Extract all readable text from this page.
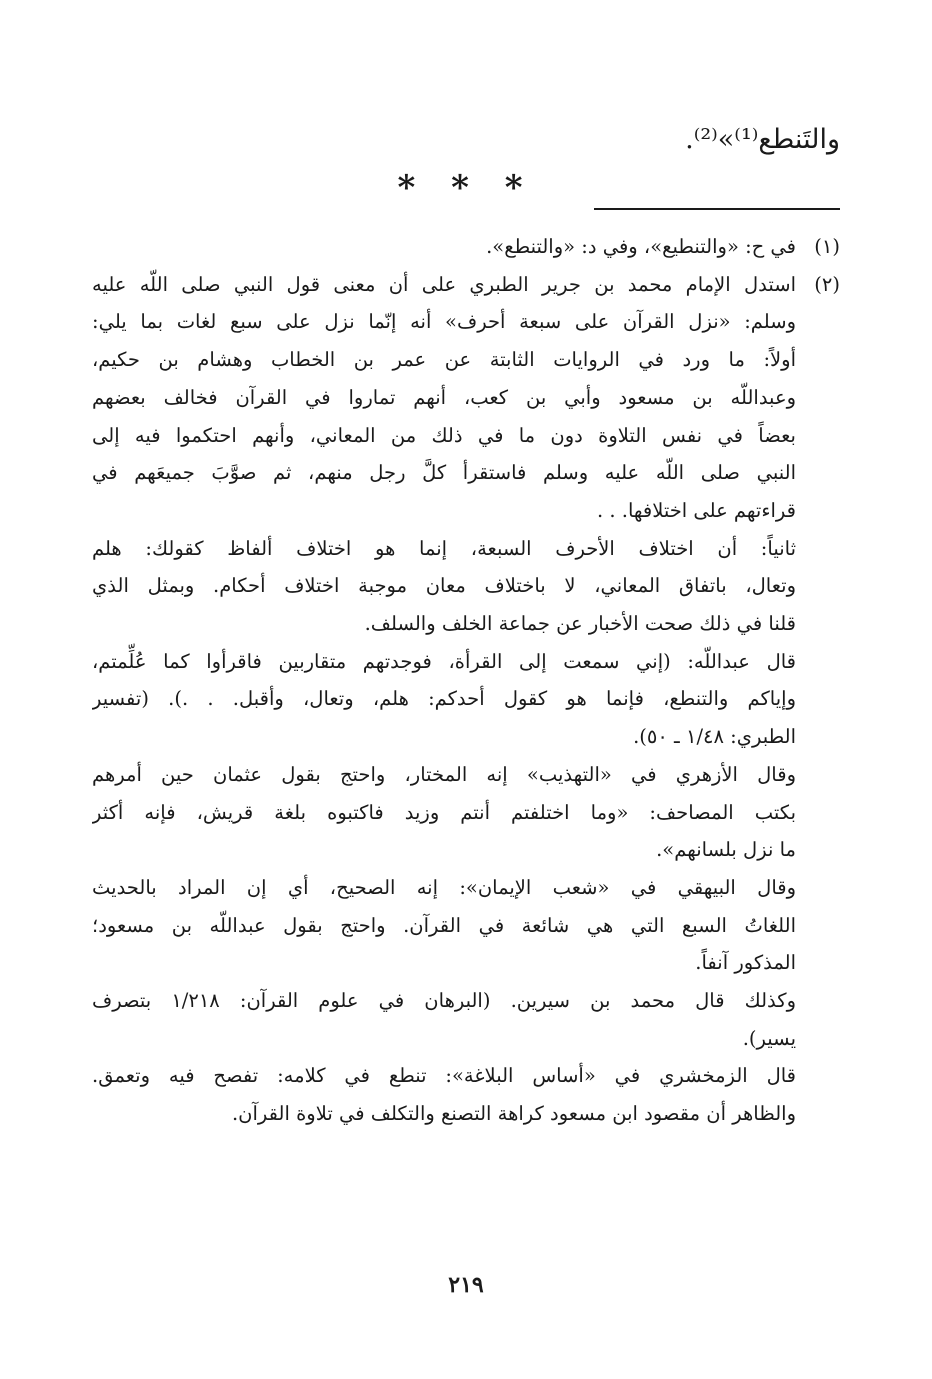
والتَنطع⁽¹⁾»⁽²⁾.
* * *
(١)
في ح: «والتنطيع»، وفي د: «والتنطع».
(٢)
استدل الإمام محمد بن جرير الطبري على أن معنى قول النبي صلى اللّه عليه
وسلم: «نزل القرآن على سبعة أحرف» أنه إنّما نزل على سبع لغات بما يلي:
أولاً: ما ورد في الروايات الثابتة عن عمر بن الخطاب وهشام بن حكيم،
وعبداللّه بن مسعود وأبي بن كعب، أنهم تماروا في القرآن فخالف بعضهم
بعضاً في نفس التلاوة دون ما في ذلك من المعاني، وأنهم احتكموا فيه إلى
النبي صلى اللّه عليه وسلم فاستقرأ كلَّ رجل منهم، ثم صوَّبَ جميعَهم في
قراءتهم على اختلافها. . .
ثانياً: أن اختلاف الأحرف السبعة، إنما هو اختلاف ألفاظ كقولك: هلم
وتعال، باتفاق المعاني، لا باختلاف معان موجبة اختلاف أحكام. وبمثل الذي
قلنا في ذلك صحت الأخبار عن جماعة الخلف والسلف.
قال عبداللّه: (إني سمعت إلى القرأة، فوجدتهم متقاربين فاقرأوا كما عُلِّمتم،
وإياكم والتنطع، فإنما هو كقول أحدكم: هلم، وتعال، وأقبل. . .). (تفسير
الطبري: ١/٤٨ ـ ٥٠).
وقال الأزهري في «التهذيب» إنه المختار، واحتج بقول عثمان حين أمرهم
بكتب المصاحف: «وما اختلفتم أنتم وزيد فاكتبوه بلغة قريش، فإنه أكثر
ما نزل بلسانهم».
وقال البيهقي في «شعب الإيمان»: إنه الصحيح، أي إن المراد بالحديث
اللغاتُ السبع التي هي شائعة في القرآن. واحتج بقول عبداللّه بن مسعود؛
المذكور آنفاً.
وكذلك قال محمد بن سيرين. (البرهان في علوم القرآن: ١/٢١٨ بتصرف
يسير).
قال الزمخشري في «أساس البلاغة»: تنطع في كلامه: تفصح فيه وتعمق.
والظاهر أن مقصود ابن مسعود كراهة التصنع والتكلف في تلاوة القرآن.
٢١٩
